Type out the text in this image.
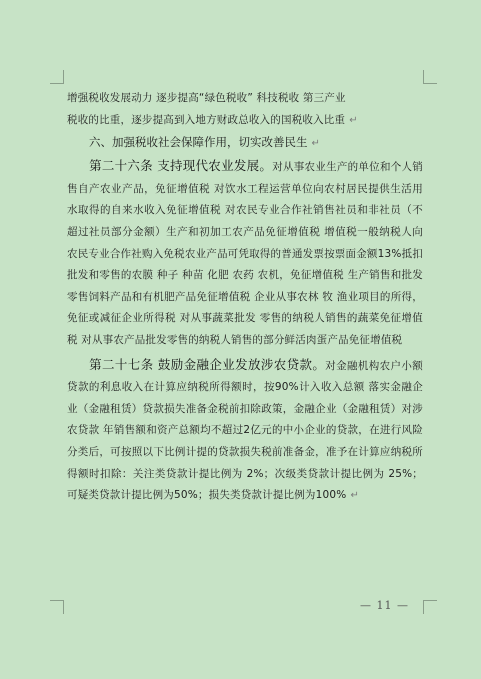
增强税收发展动力 逐步提高“绿色税收” 科技税收 第三产业

税收的比重，逐步提高到入地方财政总收入的国税收入比重 ↵

六、加强税收社会保障作用，切实改善民生 ↵

第二十六条 支持现代农业发展。对从事农业生产的单位和个人销售自产农业产品，免征增值税 对饮水工程运营单位向农村居民提供生活用水取得的自来水收入免征增值税 对农民专业合作社销售社员和非社员（不超过社员部分金额）生产和初加工农产品免征增值税 增值税一般纳税人向农民专业合作社购入免税农业产品可凭取得的普通发票按票面金额13%抵扣 批发和零售的农膜 种子 种苗 化肥 农药 农机，免征增值税 生产销售和批发零售饲料产品和有机肥产品免征增值税 企业从事农林 牧 渔业项目的所得，免征或减征企业所得税 对从事蔬菜批发 零售的纳税人销售的蔬菜免征增值税 对从事农产品批发零售的纳税人销售的部分鲜活肉蛋产品免征增值税

第二十七条 鼓励金融企业发放涉农贷款。对金融机构农户小额贷款的利息收入在计算应纳税所得额时，按90%计入收入总额 落实金融企业（金融租赁）贷款损失准备金税前扣除政策，金融企业（金融租赁）对涉农贷款 年销售额和资产总额均不超过2亿元的中小企业的贷款，在进行风险分类后，可按照以下比例计提的贷款损失税前准备金，准予在计算应纳税所得额时扣除：关注类贷款计提比例为 2%；次级类贷款计提比例为 25%；可疑类贷款计提比例为50%；损失类贷款计提比例为100% ↵

— 11 —
